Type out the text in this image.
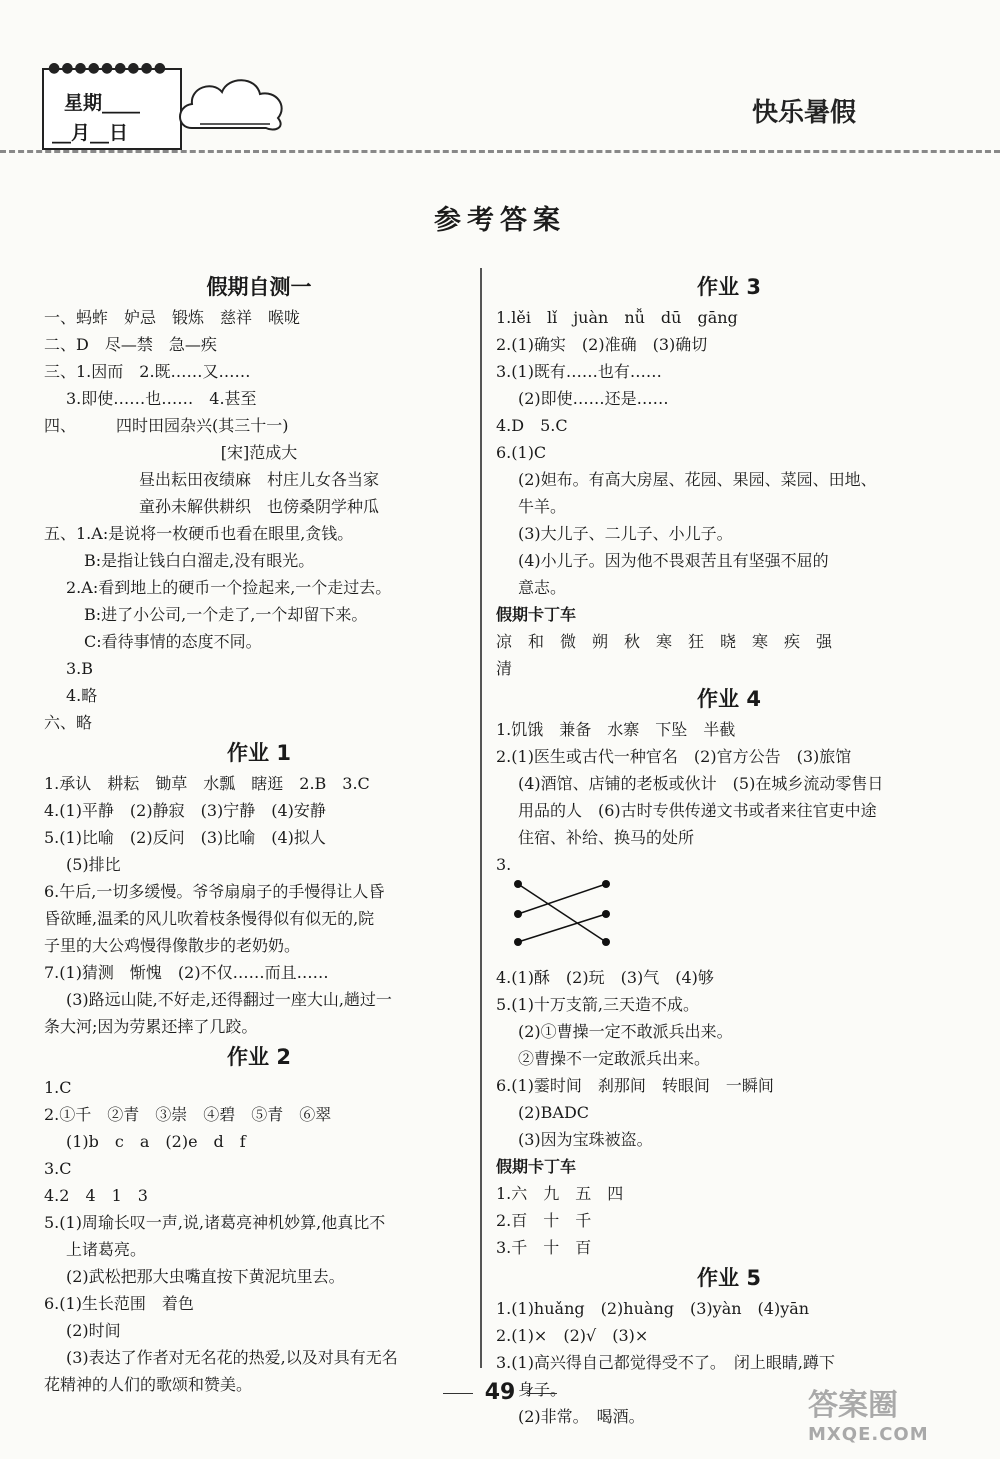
●●●●●●●●●
星期____
__月__日
快乐暑假
参考答案
假期自测一
一、蚂蚱　妒忌　锻炼　慈祥　喉咙
二、D　尽—禁　急—疾
三、1.因而　2.既……又……
3.即使……也……　4.甚至
四、　　　四时田园杂兴(其三十一)
[宋]范成大
昼出耘田夜绩麻　村庄儿女各当家
童孙未解供耕织　也傍桑阴学种瓜
五、1.A:是说将一枚硬币也看在眼里,贪钱。
B:是指让钱白白溜走,没有眼光。
2.A:看到地上的硬币一个捡起来,一个走过去。
B:进了小公司,一个走了,一个却留下来。
C:看待事情的态度不同。
3.B
4.略
六、略
作业 1
1.承认　耕耘　锄草　水瓢　瞎逛　2.B　3.C
4.(1)平静　(2)静寂　(3)宁静　(4)安静
5.(1)比喻　(2)反问　(3)比喻　(4)拟人
(5)排比
6.午后,一切多缓慢。爷爷扇扇子的手慢得让人昏
昏欲睡,温柔的风儿吹着枝条慢得似有似无的,院
子里的大公鸡慢得像散步的老奶奶。
7.(1)猜测　惭愧　(2)不仅……而且……
(3)路远山陡,不好走,还得翻过一座大山,趟过一
条大河;因为劳累还摔了几跤。
作业 2
1.C
2.①千　②青　③崇　④碧　⑤青　⑥翠
(1)b　c　a　(2)e　d　f
3.C
4.2　4　1　3
5.(1)周瑜长叹一声,说,诸葛亮神机妙算,他真比不
上诸葛亮。
(2)武松把那大虫嘴直按下黄泥坑里去。
6.(1)生长范围　着色
(2)时间
(3)表达了作者对无名花的热爱,以及对具有无名
花精神的人们的歌颂和赞美。
作业 3
1.lěi　lǐ　juàn　nǚ　dū　gāng
2.(1)确实　(2)准确　(3)确切
3.(1)既有……也有……
(2)即使……还是……
4.D　5.C
6.(1)C
(2)妲布。有高大房屋、花园、果园、菜园、田地、
牛羊。
(3)大儿子、二儿子、小儿子。
(4)小儿子。因为他不畏艰苦且有坚强不屈的
意志。
假期卡丁车
凉　和　微　朔　秋　寒　狂　晓　寒　疾　强
清
作业 4
1.饥饿　兼备　水寨　下坠　半截
2.(1)医生或古代一种官名　(2)官方公告　(3)旅馆
(4)酒馆、店铺的老板或伙计　(5)在城乡流动零售日
用品的人　(6)古时专供传递文书或者来往官吏中途
住宿、补给、换马的处所
3.
4.(1)酥　(2)玩　(3)气　(4)够
5.(1)十万支箭,三天造不成。
(2)①曹操一定不敢派兵出来。
②曹操不一定敢派兵出来。
6.(1)霎时间　刹那间　转眼间　一瞬间
(2)BADC
(3)因为宝珠被盗。
假期卡丁车
1.六　九　五　四
2.百　十　千
3.千　十　百
作业 5
1.(1)huǎng　(2)huàng　(3)yàn　(4)yān
2.(1)×　(2)√　(3)×
3.(1)高兴得自己都觉得受不了。　闭上眼睛,蹲下
身子。
(2)非常。　喝酒。
49	答案圈
MXQE.COM
